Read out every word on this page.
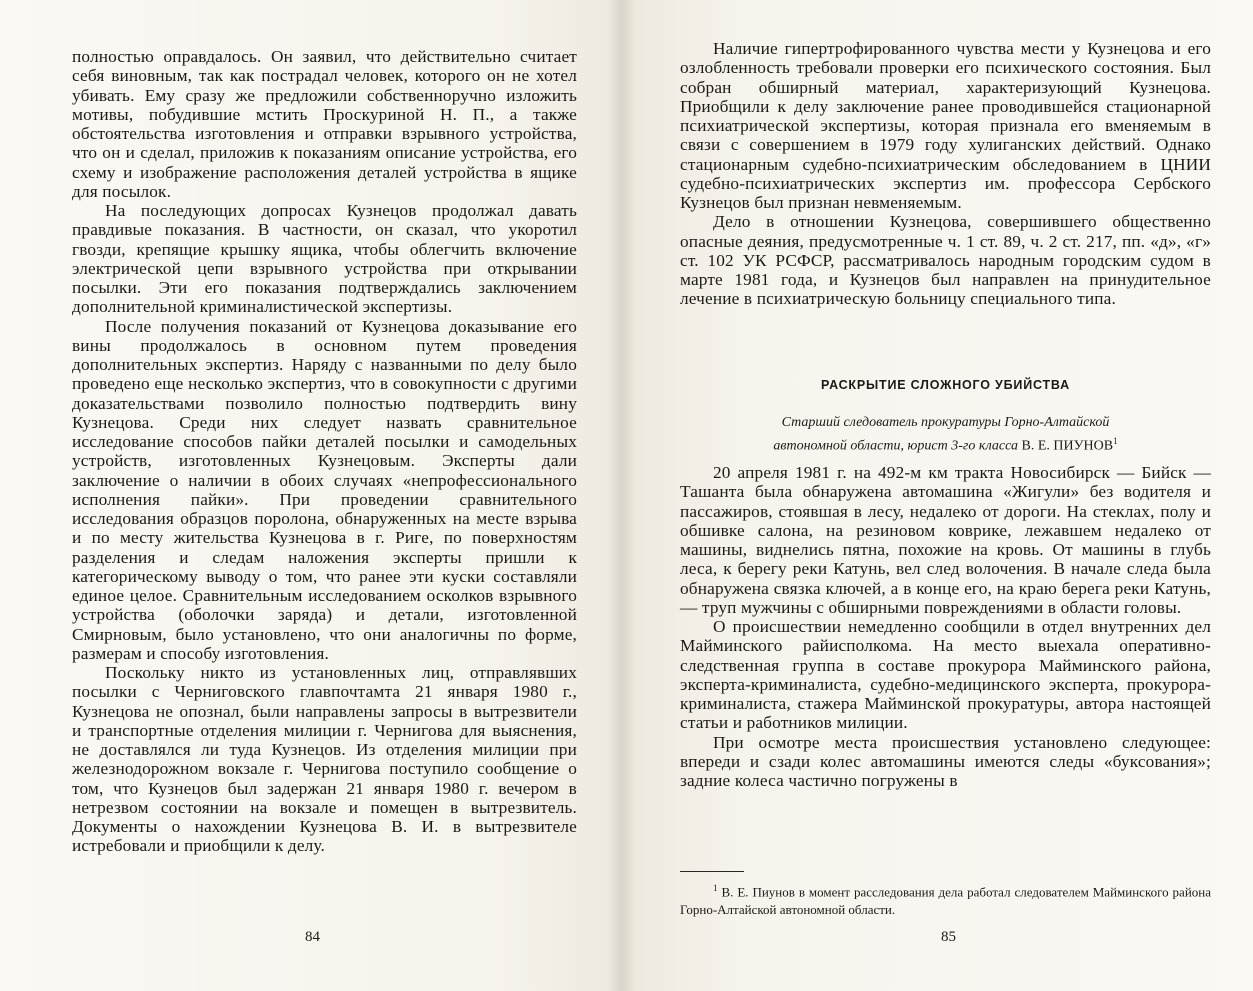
полностью оправдалось. Он заявил, что действительно считает себя виновным, так как пострадал человек, которого он не хотел убивать. Ему сразу же предложили собственноручно изложить мотивы, побудившие мстить Проскуриной Н. П., а также обстоятельства изготовления и отправки взрывного устройства, что он и сделал, приложив к показаниям описание устройства, его схему и изображение расположения деталей устройства в ящике для посылок.

На последующих допросах Кузнецов продолжал давать правдивые показания. В частности, он сказал, что укоротил гвозди, крепящие крышку ящика, чтобы облегчить включение электрической цепи взрывного устройства при открывании посылки. Эти его показания подтверждались заключением дополнительной криминалистической экспертизы.

После получения показаний от Кузнецова доказывание его вины продолжалось в основном путем проведения дополнительных экспертиз. Наряду с названными по делу было проведено еще несколько экспертиз, что в совокупности с другими доказательствами позволило полностью подтвердить вину Кузнецова. Среди них следует назвать сравнительное исследование способов пайки деталей посылки и самодельных устройств, изготовленных Кузнецовым. Эксперты дали заключение о наличии в обоих случаях «непрофессионального исполнения пайки». При проведении сравнительного исследования образцов поролона, обнаруженных на месте взрыва и по месту жительства Кузнецова в г. Риге, по поверхностям разделения и следам наложения эксперты пришли к категорическому выводу о том, что ранее эти куски составляли единое целое. Сравнительным исследованием осколков взрывного устройства (оболочки заряда) и детали, изготовленной Смирновым, было установлено, что они аналогичны по форме, размерам и способу изготовления.

Поскольку никто из установленных лиц, отправлявших посылки с Черниговского главпочтамта 21 января 1980 г., Кузнецова не опознал, были направлены запросы в вытрезвители и транспортные отделения милиции г. Чернигова для выяснения, не доставлялся ли туда Кузнецов. Из отделения милиции при железнодорожном вокзале г. Чернигова поступило сообщение о том, что Кузнецов был задержан 21 января 1980 г. вечером в нетрезвом состоянии на вокзале и помещен в вытрезвитель. Документы о нахождении Кузнецова В. И. в вытрезвителе истребовали и приобщили к делу.

84

Наличие гипертрофированного чувства мести у Кузнецова и его озлобленность требовали проверки его психического состояния. Был собран обширный материал, характеризующий Кузнецова. Приобщили к делу заключение ранее проводившейся стационарной психиатрической экспертизы, которая признала его вменяемым в связи с совершением в 1979 году хулиганских действий. Однако стационарным судебно-психиатрическим обследованием в ЦНИИ судебно-психиатрических экспертиз им. профессора Сербского Кузнецов был признан невменяемым.

Дело в отношении Кузнецова, совершившего общественно опасные деяния, предусмотренные ч. 1 ст. 89, ч. 2 ст. 217, пп. «д», «г» ст. 102 УК РСФСР, рассматривалось народным городским судом в марте 1981 года, и Кузнецов был направлен на принудительное лечение в психиатрическую больницу специального типа.

РАСКРЫТИЕ СЛОЖНОГО УБИЙСТВА
Старший следователь прокуратуры Горно-Алтайской
автономной области, юрист 3-го класса В. Е. ПИУНОВ$^1$

20 апреля 1981 г. на 492-м км тракта Новосибирск — Бийск — Ташанта была обнаружена автомашина «Жигули» без водителя и пассажиров, стоявшая в лесу, недалеко от дороги. На стеклах, полу и обшивке салона, на резиновом коврике, лежавшем недалеко от машины, виднелись пятна, похожие на кровь. От машины в глубь леса, к берегу реки Катунь, вел след волочения. В начале следа была обнаружена связка ключей, а в конце его, на краю берега реки Катунь,— труп мужчины с обширными повреждениями в области головы.

О происшествии немедленно сообщили в отдел внутренних дел Майминского райисполкома. На место выехала оперативно-следственная группа в составе прокурора Майминского района, эксперта-криминалиста, судебно-медицинского эксперта, прокурора-криминалиста, стажера Майминской прокуратуры, автора настоящей статьи и работников милиции.

При осмотре места происшествия установлено следующее: впереди и сзади колес автомашины имеются следы «буксования»; задние колеса частично погружены в

$^1$ В. Е. Пиунов в момент расследования дела работал следователем Майминского района Горно-Алтайской автономной области.
85
